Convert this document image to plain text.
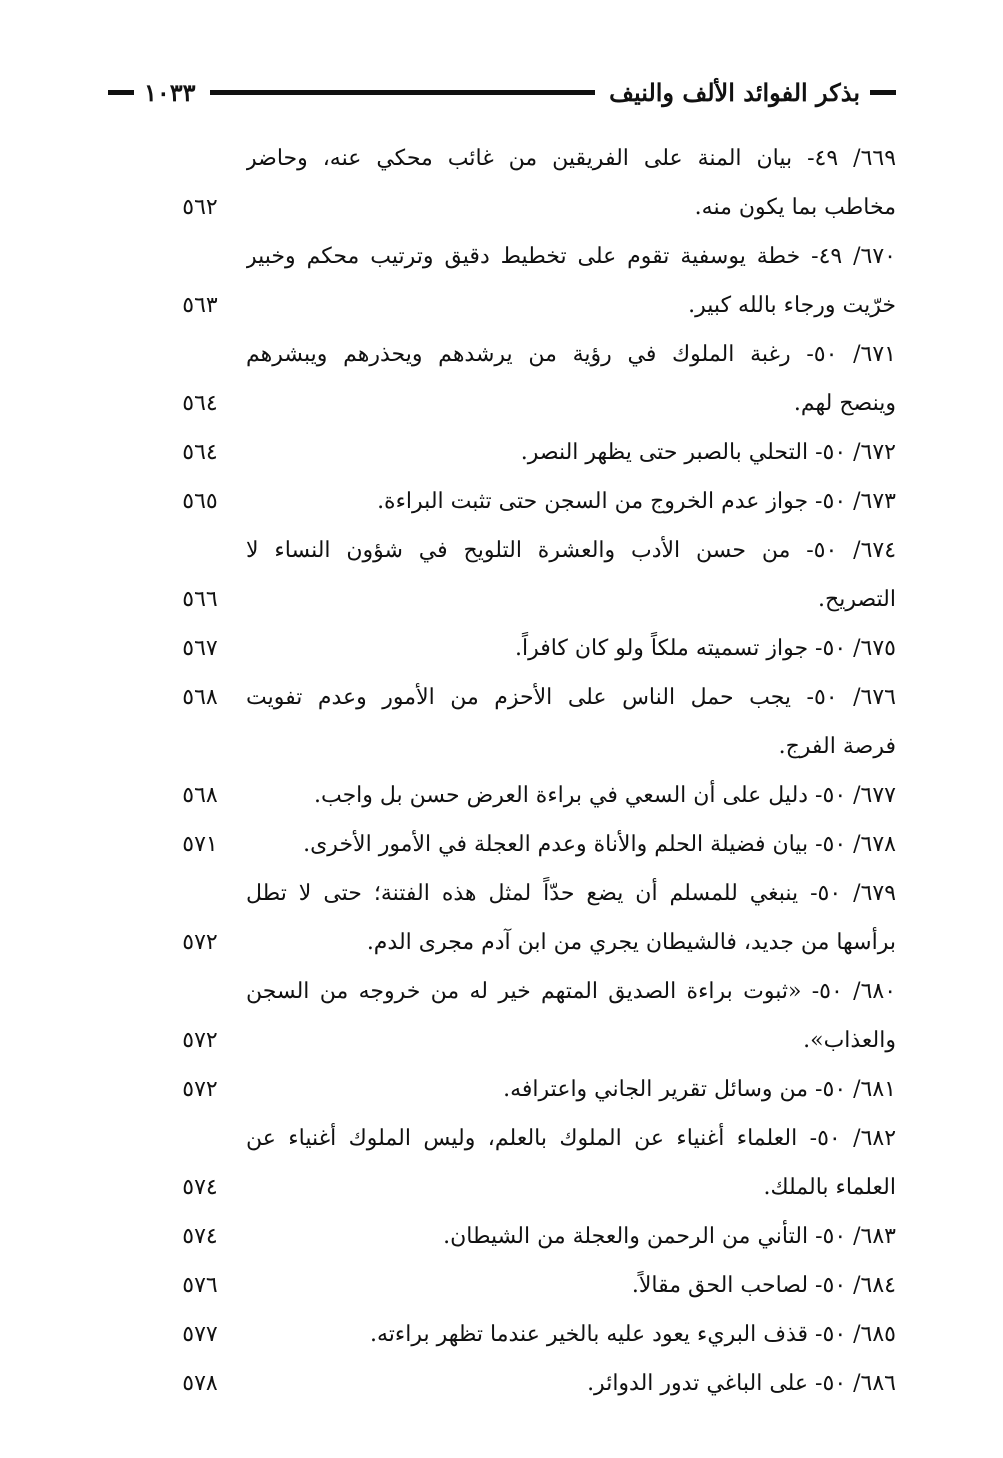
بذكر الفوائد الألف والنيف
١٠٣٣
٦٦٩/ ٤٩- بيان المنة على الفريقين من غائب محكي عنه، وحاضر
مخاطب بما يكون منه.
٥٦٢
٦٧٠/ ٤٩- خطة يوسفية تقوم على تخطيط دقيق وترتيب محكم وخبير
خرّيت ورجاء بالله كبير.
٥٦٣
٦٧١/ ٥٠- رغبة الملوك في رؤية من يرشدهم ويحذرهم ويبشرهم
وينصح لهم.
٥٦٤
٦٧٢/ ٥٠- التحلي بالصبر حتى يظهر النصر.
٥٦٤
٦٧٣/ ٥٠- جواز عدم الخروج من السجن حتى تثبت البراءة.
٥٦٥
٦٧٤/ ٥٠- من حسن الأدب والعشرة التلويح في شؤون النساء لا
التصريح.
٥٦٦
٦٧٥/ ٥٠- جواز تسميته ملكاً ولو كان كافراً.
٥٦٧
٦٧٦/ ٥٠- يجب حمل الناس على الأحزم من الأمور وعدم تفويت
٥٦٨
فرصة الفرج.
٦٧٧/ ٥٠- دليل على أن السعي في براءة العرض حسن بل واجب.
٥٦٨
٦٧٨/ ٥٠- بيان فضيلة الحلم والأناة وعدم العجلة في الأمور الأخرى.
٥٧١
٦٧٩/ ٥٠- ينبغي للمسلم أن يضع حدّاً لمثل هذه الفتنة؛ حتى لا تطل
برأسها من جديد، فالشيطان يجري من ابن آدم مجرى الدم.
٥٧٢
٦٨٠/ ٥٠- «ثبوت براءة الصديق المتهم خير له من خروجه من السجن
والعذاب».
٥٧٢
٦٨١/ ٥٠- من وسائل تقرير الجاني واعترافه.
٥٧٢
٦٨٢/ ٥٠- العلماء أغنياء عن الملوك بالعلم، وليس الملوك أغنياء عن
العلماء بالملك.
٥٧٤
٦٨٣/ ٥٠- التأني من الرحمن والعجلة من الشيطان.
٥٧٤
٦٨٤/ ٥٠- لصاحب الحق مقالاً.
٥٧٦
٦٨٥/ ٥٠- قذف البريء يعود عليه بالخير عندما تظهر براءته.
٥٧٧
٦٨٦/ ٥٠- على الباغي تدور الدوائر.
٥٧٨
